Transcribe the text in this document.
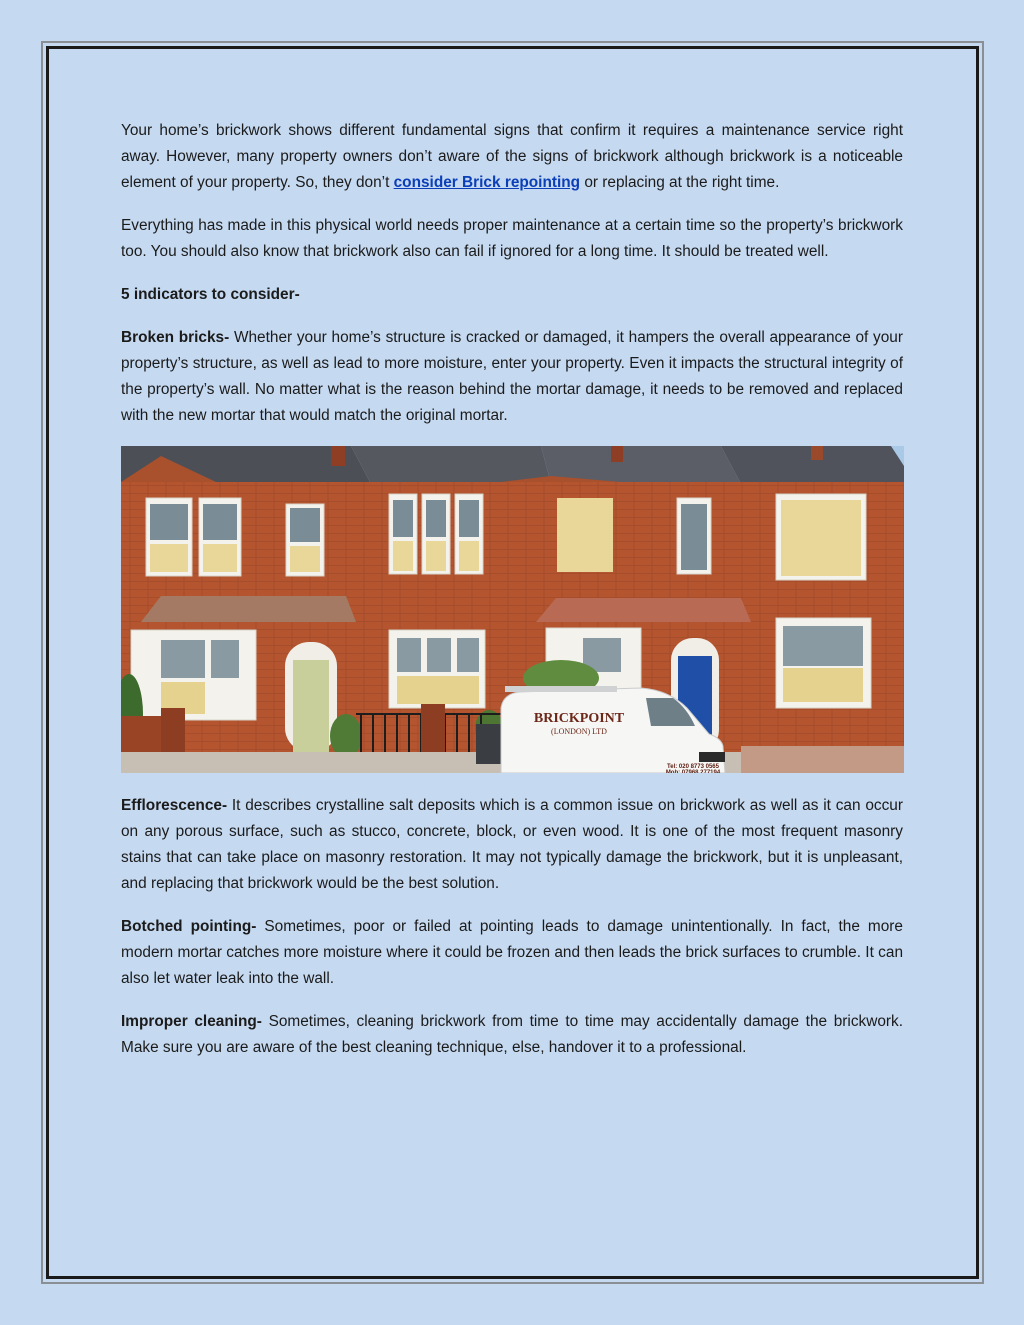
Your home’s brickwork shows different fundamental signs that confirm it requires a maintenance service right away. However, many property owners don’t aware of the signs of brickwork although brickwork is a noticeable element of your property. So, they don’t consider Brick repointing or replacing at the right time.

Everything has made in this physical world needs proper maintenance at a certain time so the property’s brickwork too. You should also know that brickwork also can fail if ignored for a long time. It should be treated well.

5 indicators to consider-

Broken bricks- Whether your home’s structure is cracked or damaged, it hampers the overall appearance of your property’s structure, as well as lead to more moisture, enter your property. Even it impacts the structural integrity of the property’s wall. No matter what is the reason behind the mortar damage, it needs to be removed and replaced with the new mortar that would match the original mortar.

BRICKPOINT
(LONDON) LTD
Tel: 020 8773 0565
Mob: 07968 277194

Efflorescence- It describes crystalline salt deposits which is a common issue on brickwork as well as it can occur on any porous surface, such as stucco, concrete, block, or even wood. It is one of the most frequent masonry stains that can take place on masonry restoration. It may not typically damage the brickwork, but it is unpleasant, and replacing that brickwork would be the best solution.

Botched pointing- Sometimes, poor or failed at pointing leads to damage unintentionally. In fact, the more modern mortar catches more moisture where it could be frozen and then leads the brick surfaces to crumble. It can also let water leak into the wall.

Improper cleaning- Sometimes, cleaning brickwork from time to time may accidentally damage the brickwork. Make sure you are aware of the best cleaning technique, else, handover it to a professional.
